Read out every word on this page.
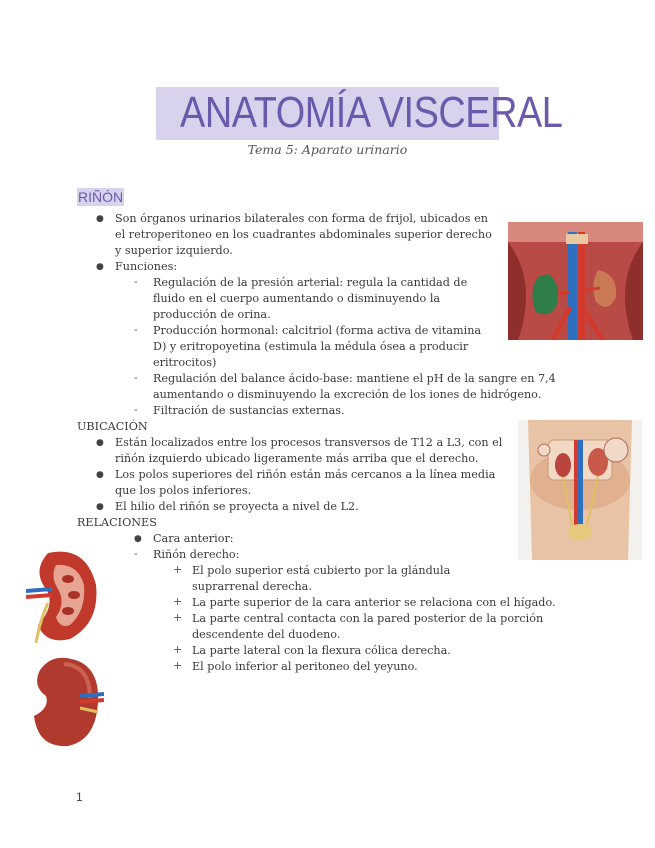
ANATOMÍA VISCERAL
Tema 5: Aparato urinario
RIÑÓN
● Son órganos urinarios bilaterales con forma de frijol, ubicados en
el retroperitoneo en los cuadrantes abdominales superior derecho
y superior izquierdo.
● Funciones:
- Regulación de la presión arterial: regula la cantidad de
fluido en el cuerpo aumentando o disminuyendo la
producción de orina.
- Producción hormonal: calcitriol (forma activa de vitamina
D) y eritropoyetina (estimula la médula ósea a producir
eritrocitos)
- Regulación del balance ácido-base: mantiene el pH de la sangre en 7,4
aumentando o disminuyendo la excreción de los iones de hidrógeno.
- Filtración de sustancias externas.
UBICACIÓN
● Están localizados entre los procesos transversos de T12 a L3, con el
riñón izquierdo ubicado ligeramente más arriba que el derecho.
● Los polos superiores del riñón están más cercanos a la línea media
que los polos inferiores.
● El hilio del riñón se proyecta a nivel de L2.
RELACIONES
● Cara anterior:
- Riñón derecho:
+ El polo superior está cubierto por la glándula
suprarrenal derecha.
+ La parte superior de la cara anterior se relaciona con el hígado.
+ La parte central contacta con la pared posterior de la porción
descendente del duodeno.
+ La parte lateral con la flexura cólica derecha.
+ El polo inferior al peritoneo del yeyuno.
1
